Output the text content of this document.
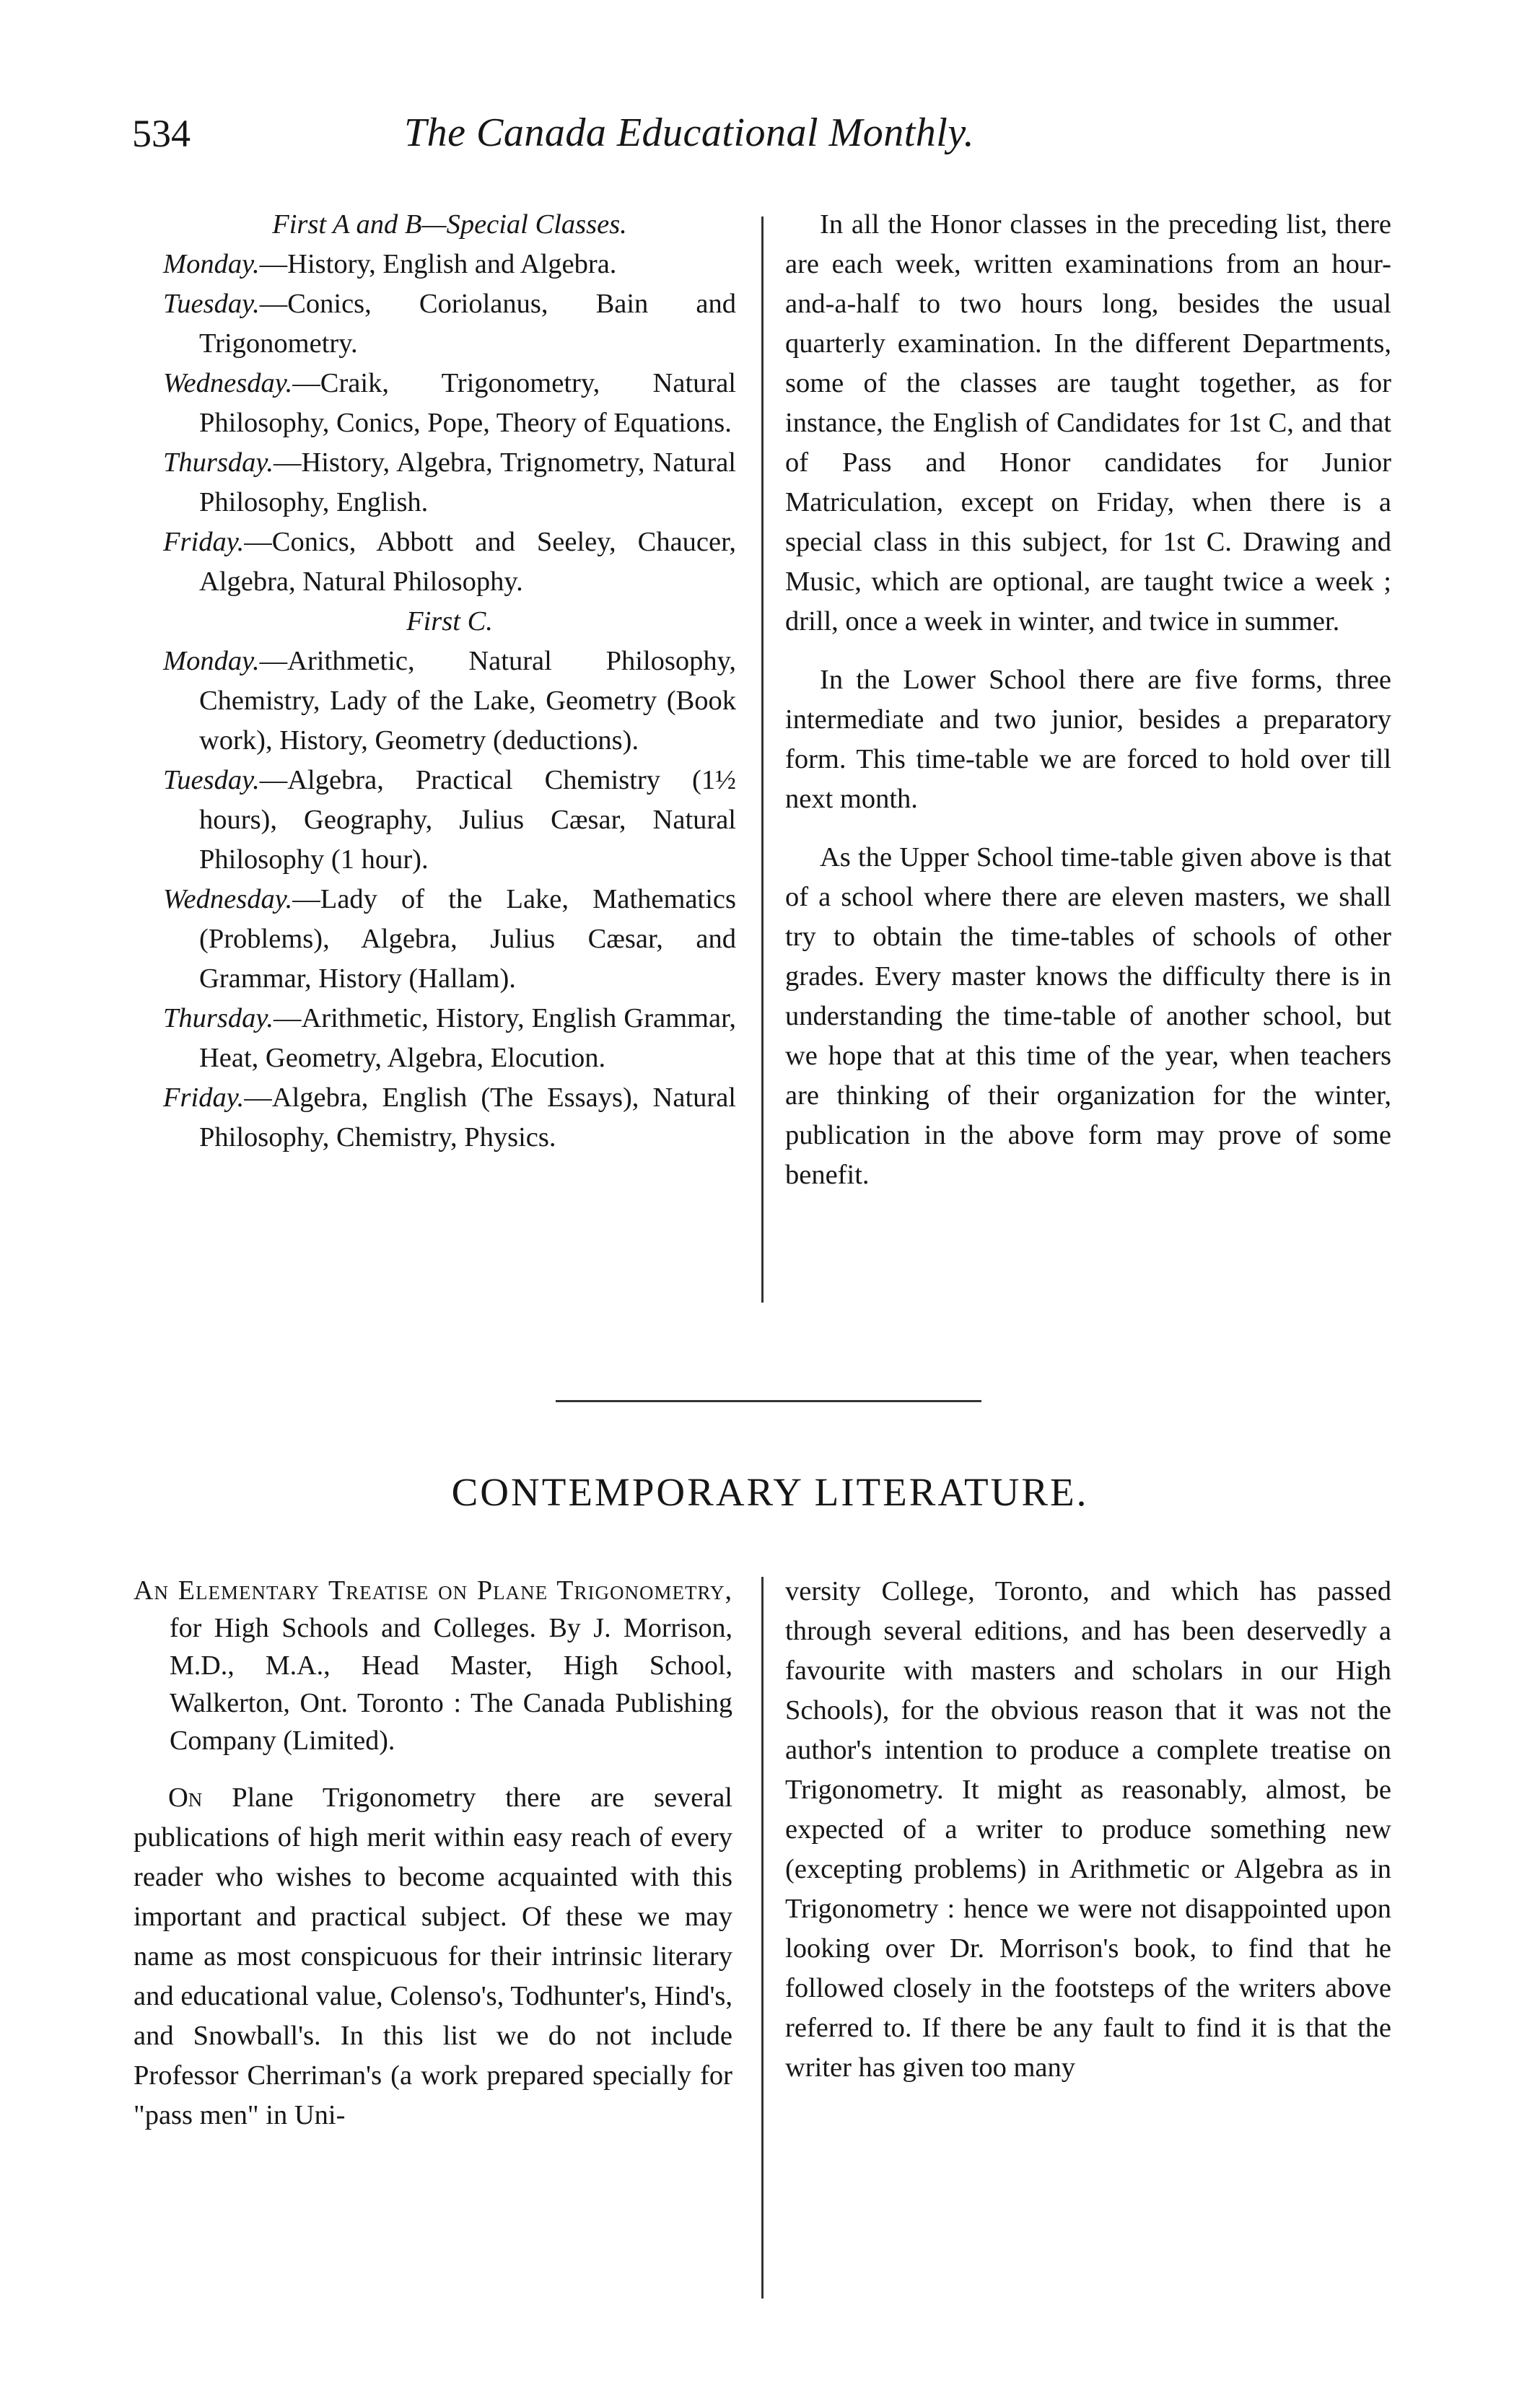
534	The Canada Educational Monthly.

First A and B—Special Classes.

Monday.—History, English and Algebra.

Tuesday.—Conics, Coriolanus, Bain and Trigonometry.

Wednesday.—Craik, Trigonometry, Natural Philosophy, Conics, Pope, Theory of Equations.

Thursday.—History, Algebra, Trignometry, Natural Philosophy, English.

Friday.—Conics, Abbott and Seeley, Chaucer, Algebra, Natural Philosophy.

First C.

Monday.—Arithmetic, Natural Philosophy, Chemistry, Lady of the Lake, Geometry (Book work), History, Geometry (deductions).

Tuesday.—Algebra, Practical Chemistry (1½ hours), Geography, Julius Cæsar, Natural Philosophy (1 hour).

Wednesday.—Lady of the Lake, Mathematics (Problems), Algebra, Julius Cæsar, and Grammar, History (Hallam).

Thursday.—Arithmetic, History, English Grammar, Heat, Geometry, Algebra, Elocution.

Friday.—Algebra, English (The Essays), Natural Philosophy, Chemistry, Physics.

In all the Honor classes in the preceding list, there are each week, written examinations from an hour-and-a-half to two hours long, besides the usual quarterly examination. In the different Departments, some of the classes are taught together, as for instance, the English of Candidates for 1st C, and that of Pass and Honor candidates for Junior Matriculation, except on Friday, when there is a special class in this subject, for 1st C. Drawing and Music, which are optional, are taught twice a week ; drill, once a week in winter, and twice in summer.

In the Lower School there are five forms, three intermediate and two junior, besides a preparatory form. This time-table we are forced to hold over till next month.

As the Upper School time-table given above is that of a school where there are eleven masters, we shall try to obtain the time-tables of schools of other grades. Every master knows the difficulty there is in understanding the time-table of another school, but we hope that at this time of the year, when teachers are thinking of their organization for the winter, publication in the above form may prove of some benefit.

CONTEMPORARY LITERATURE.

An Elementary Treatise on Plane Trigonometry, for High Schools and Colleges. By J. Morrison, M.D., M.A., Head Master, High School, Walkerton, Ont. Toronto : The Canada Publishing Company (Limited).

On Plane Trigonometry there are several publications of high merit within easy reach of every reader who wishes to become acquainted with this important and practical subject. Of these we may name as most conspicuous for their intrinsic literary and educational value, Colenso's, Todhunter's, Hind's, and Snowball's. In this list we do not include Professor Cherriman's (a work prepared specially for "pass men" in Uni-

versity College, Toronto, and which has passed through several editions, and has been deservedly a favourite with masters and scholars in our High Schools), for the obvious reason that it was not the author's intention to produce a complete treatise on Trigonometry. It might as reasonably, almost, be expected of a writer to produce something new (excepting problems) in Arithmetic or Algebra as in Trigonometry : hence we were not disappointed upon looking over Dr. Morrison's book, to find that he followed closely in the footsteps of the writers above referred to. If there be any fault to find it is that the writer has given too many
